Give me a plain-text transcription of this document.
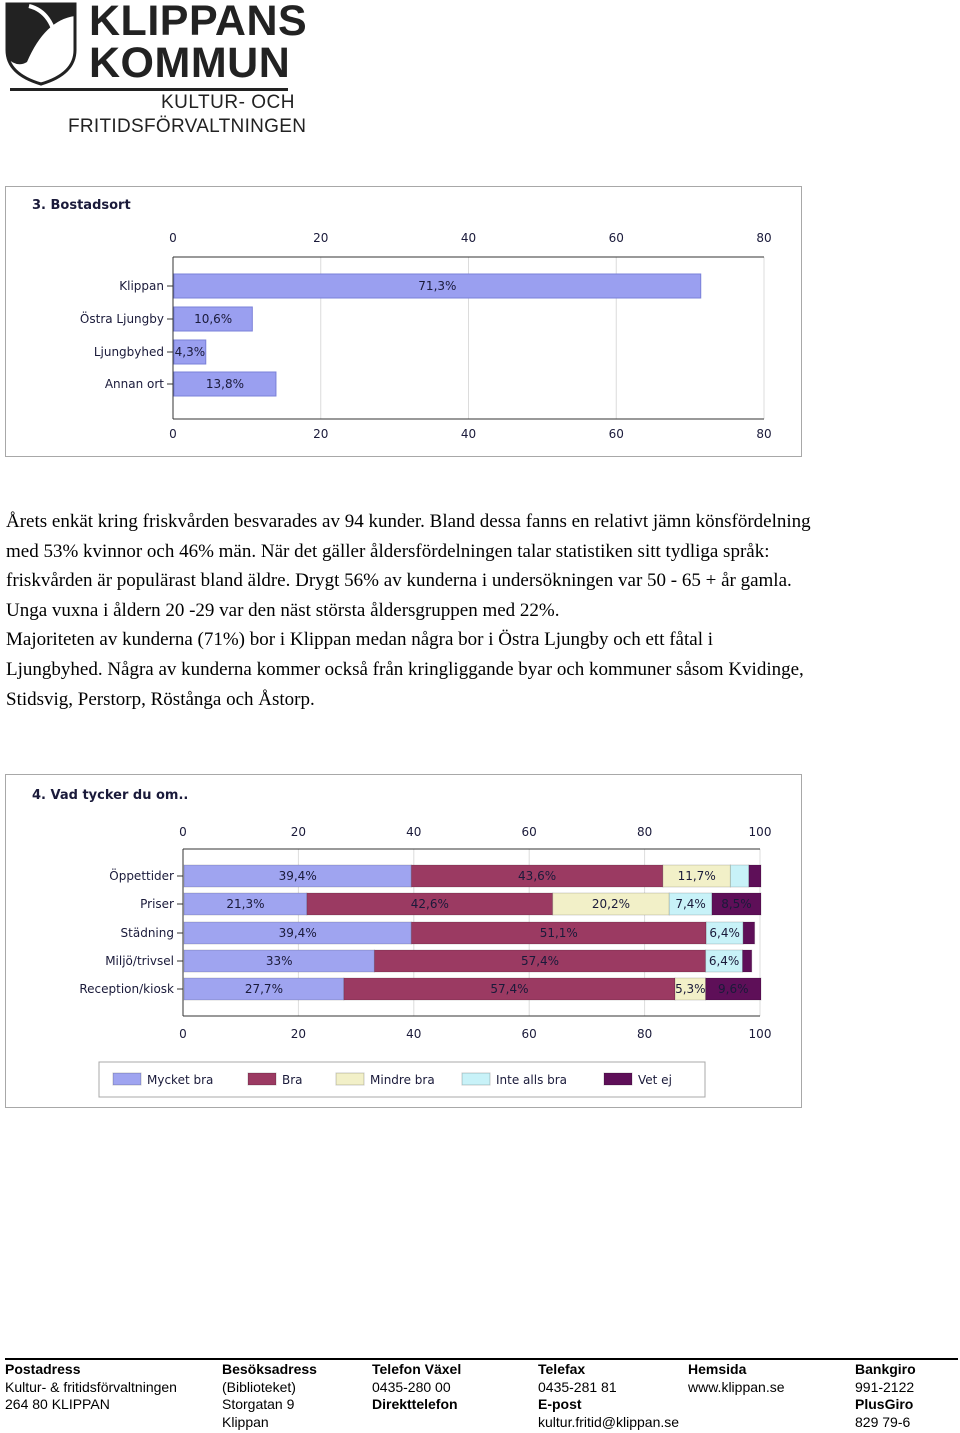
KLIPPANS
KOMMUN
KULTUR- OCH
FRITIDSFÖRVALTNINGEN
3. Bostadsort
0
0
20
20
40
40
60
60
80
80
Klippan	71,3%
Östra Ljungby	10,6%
Ljungbyhed 4,3%
Annan ort	13,8%
Årets enkät kring friskvården besvarades av 94 kunder. Bland dessa fanns en relativt jämn könsfördelning
med 53% kvinnor och 46% män. När det gäller åldersfördelningen talar statistiken sitt tydliga språk:
friskvården är populärast bland äldre. Drygt 56% av kunderna i undersökningen var 50 - 65 + år gamla.
Unga vuxna i åldern 20 -29 var den näst största åldersgruppen med 22%.
Majoriteten av kunderna (71%) bor i Klippan medan några bor i Östra Ljungby och ett fåtal i
Ljungbyhed. Några av kunderna kommer också från kringliggande byar och kommuner såsom Kvidinge,
Stidsvig, Perstorp, Röstånga och Åstorp.
4. Vad tycker du om..
0
0
20
20
40
40
60
60
80
80
100
100
Öppettider	39,4%	43,6%	11,7%
Priser	21,3%	42,6%	20,2%	7,4% 8,5%
Städning	39,4%	51,1%	6,4%
Miljö/trivsel	33%	57,4%	6,4%
Reception/kiosk	27,7%	57,4%	5,3% 9,6%
Mycket bra	Bra	Mindre bra	Inte alls bra	Vet ej
Postadress
Kultur- & fritidsförvaltningen
264 80 KLIPPAN
Besöksadress
(Biblioteket)
Storgatan 9
Klippan
Telefon Växel
0435-280 00
Direkttelefon
Telefax
0435-281 81
E-post
kultur.fritid@klippan.se
Hemsida
www.klippan.se
Bankgiro
991-2122
PlusGiro
829 79-6
